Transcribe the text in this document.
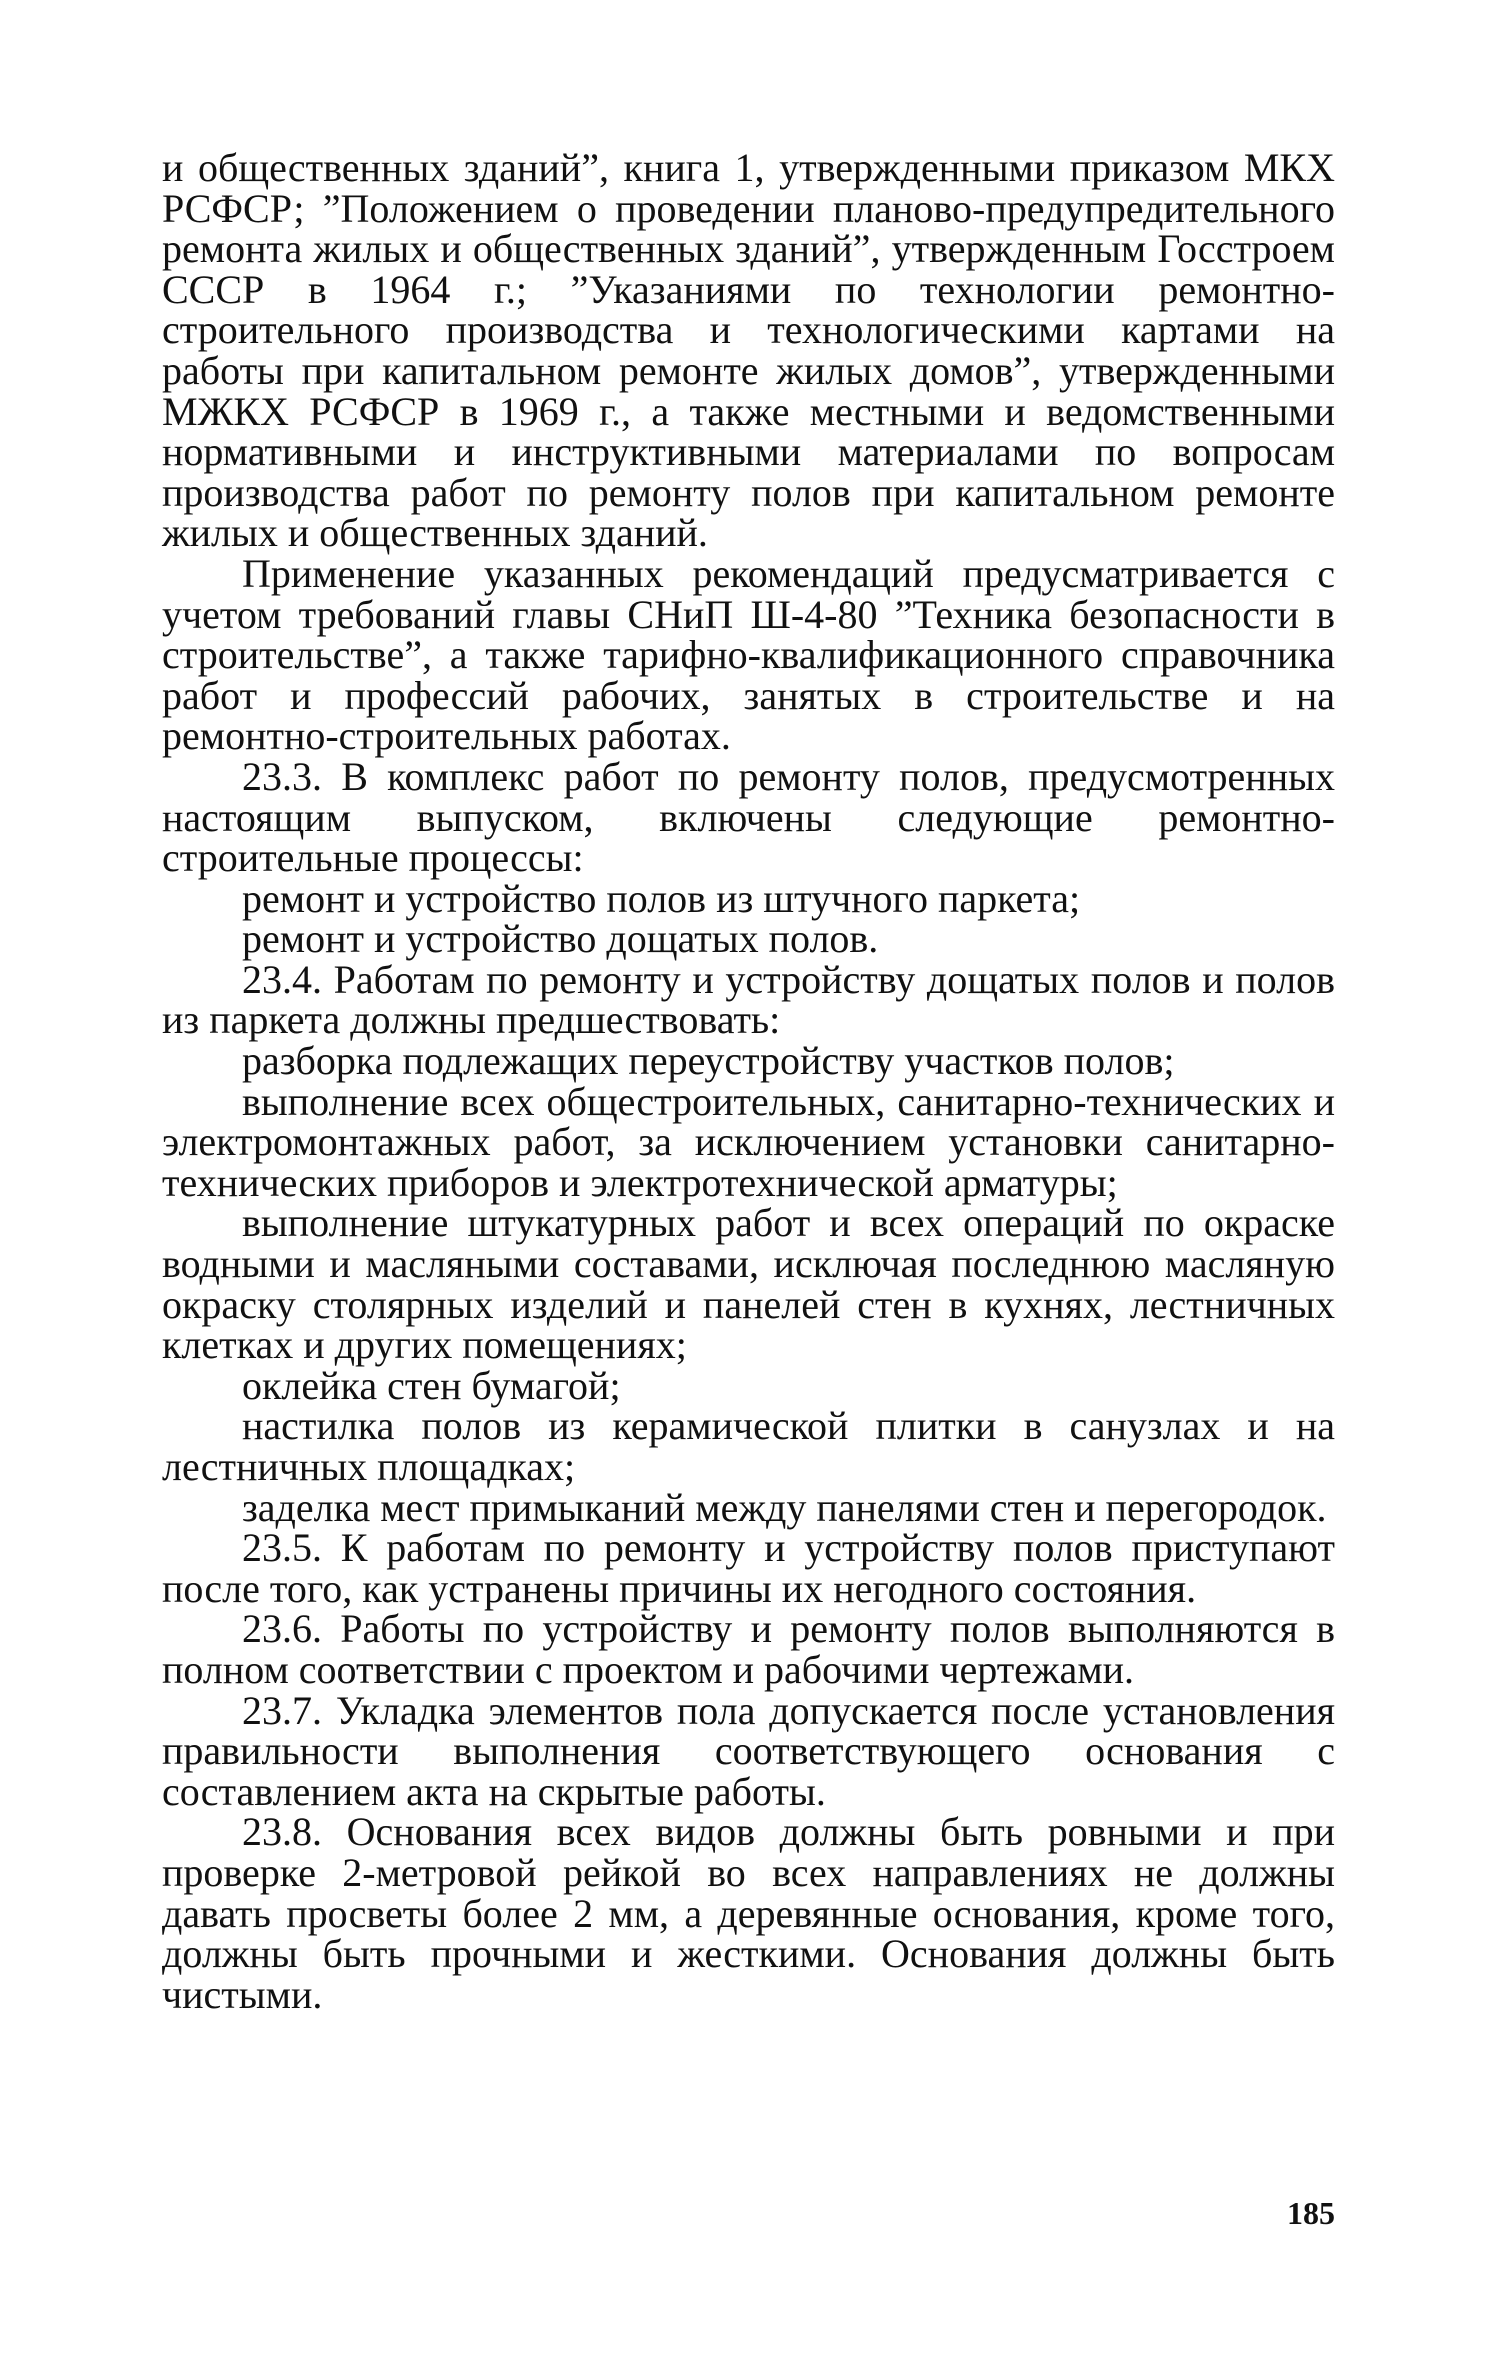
и общественных зданий”, книга 1, утвержденными приказом МКХ РСФСР; ”Положением о проведении планово-предупредительного ремонта жилых и общественных зданий”, утвержденным Госстроем СССР в 1964 г.; ”Указаниями по технологии ремонтно-строительного производства и технологическими картами на работы при капитальном ремонте жилых домов”, утвержденными МЖКХ РСФСР в 1969 г., а также местными и ведомственными нормативными и инструктивными материалами по вопросам производства работ по ремонту полов при капитальном ремонте жилых и общественных зданий.

Применение указанных рекомендаций предусматривается с учетом требований главы СНиП Ш-4-80 ”Техника безопасности в строительстве”, а также тарифно-квалификационного справочника работ и профессий рабочих, занятых в строительстве и на ремонтно-строительных работах.

23.3. В комплекс работ по ремонту полов, предусмотренных настоящим выпуском, включены следующие ремонтно-строительные процессы:

ремонт и устройство полов из штучного паркета;

ремонт и устройство дощатых полов.

23.4. Работам по ремонту и устройству дощатых полов и полов из паркета должны предшествовать:

разборка подлежащих переустройству участков полов;

выполнение всех общестроительных, санитарно-технических и электромонтажных работ, за исключением установки санитарно-технических приборов и электротехнической арматуры;

выполнение штукатурных работ и всех операций по окраске водными и масляными составами, исключая последнюю масляную окраску столярных изделий и панелей стен в кухнях, лестничных клетках и других помещениях;

оклейка стен бумагой;

настилка полов из керамической плитки в санузлах и на лестничных площадках;

заделка мест примыканий между панелями стен и перегородок.

23.5. К работам по ремонту и устройству полов приступают после того, как устранены причины их негодного состояния.

23.6. Работы по устройству и ремонту полов выполняются в полном соответствии с проектом и рабочими чертежами.

23.7. Укладка элементов пола допускается после установления правильности выполнения соответствующего основания с составлением акта на скрытые работы.

23.8. Основания всех видов должны быть ровными и при проверке 2-метровой рейкой во всех направлениях не должны давать просветы более 2 мм, а деревянные основания, кроме того, должны быть прочными и жесткими. Основания должны быть чистыми.

185
